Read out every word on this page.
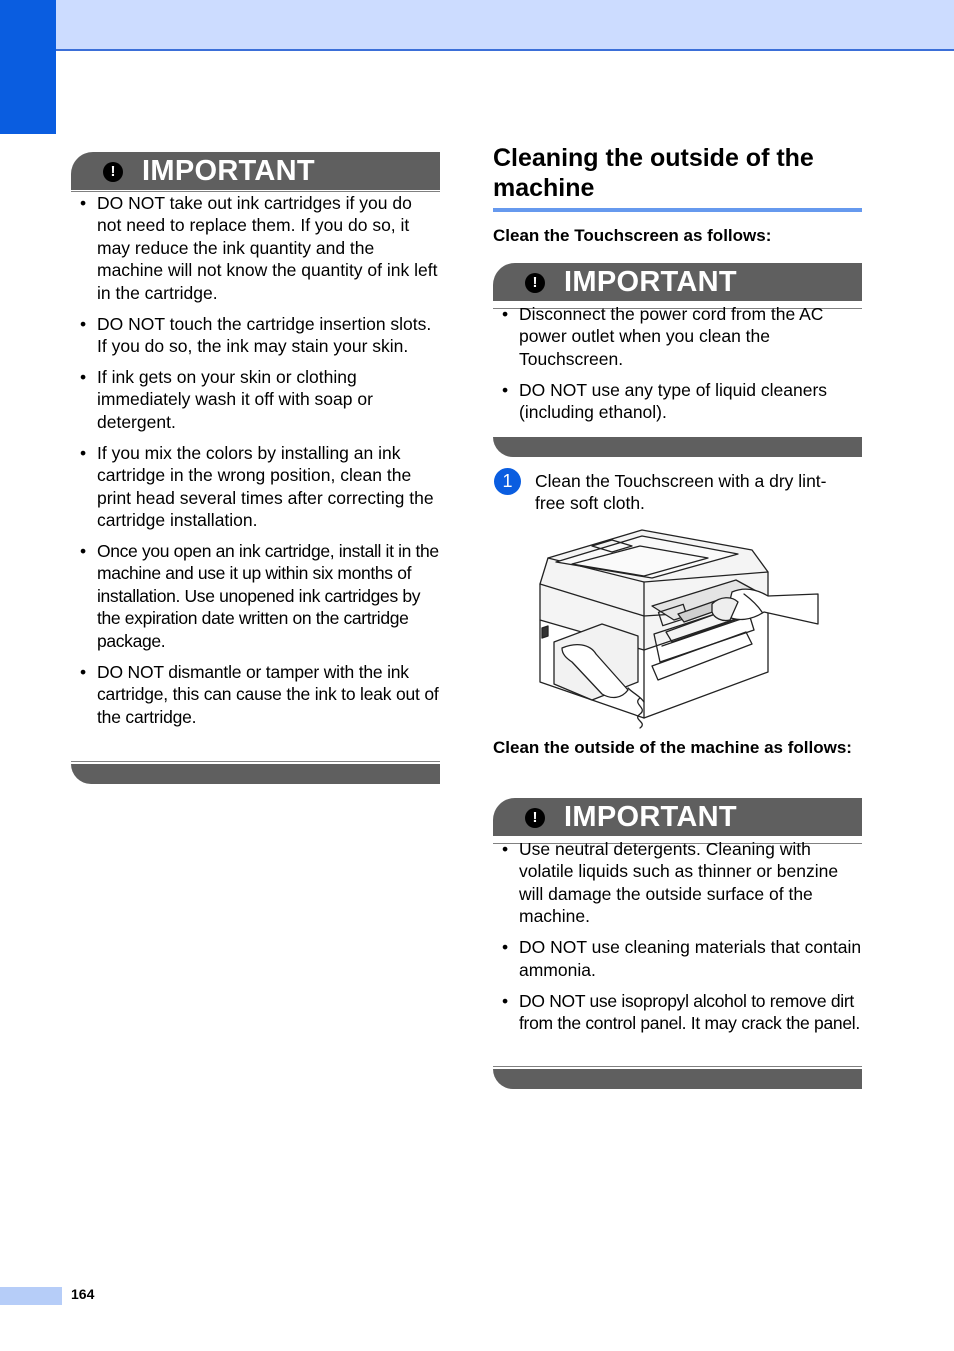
164
! IMPORTANT
• DO NOT take out ink cartridges if you do not need to replace them. If you do so, it may reduce the ink quantity and the machine will not know the quantity of ink left in the cartridge.
• DO NOT touch the cartridge insertion slots. If you do so, the ink may stain your skin.
• If ink gets on your skin or clothing immediately wash it off with soap or detergent.
• If you mix the colors by installing an ink cartridge in the wrong position, clean the print head several times after correcting the cartridge installation.
• Once you open an ink cartridge, install it in the machine and use it up within six months of installation. Use unopened ink cartridges by the expiration date written on the cartridge package.
• DO NOT dismantle or tamper with the ink cartridge, this can cause the ink to leak out of the cartridge.
Cleaning the outside of the machine

Clean the Touchscreen as follows:

! IMPORTANT
• Disconnect the power cord from the AC power outlet when you clean the Touchscreen.
• DO NOT use any type of liquid cleaners (including ethanol).
1	Clean the Touchscreen with a dry lint-free soft cloth.

Clean the outside of the machine as follows:

! IMPORTANT
• Use neutral detergents. Cleaning with volatile liquids such as thinner or benzine will damage the outside surface of the machine.
• DO NOT use cleaning materials that contain ammonia.
• DO NOT use isopropyl alcohol to remove dirt from the control panel. It may crack the panel.
